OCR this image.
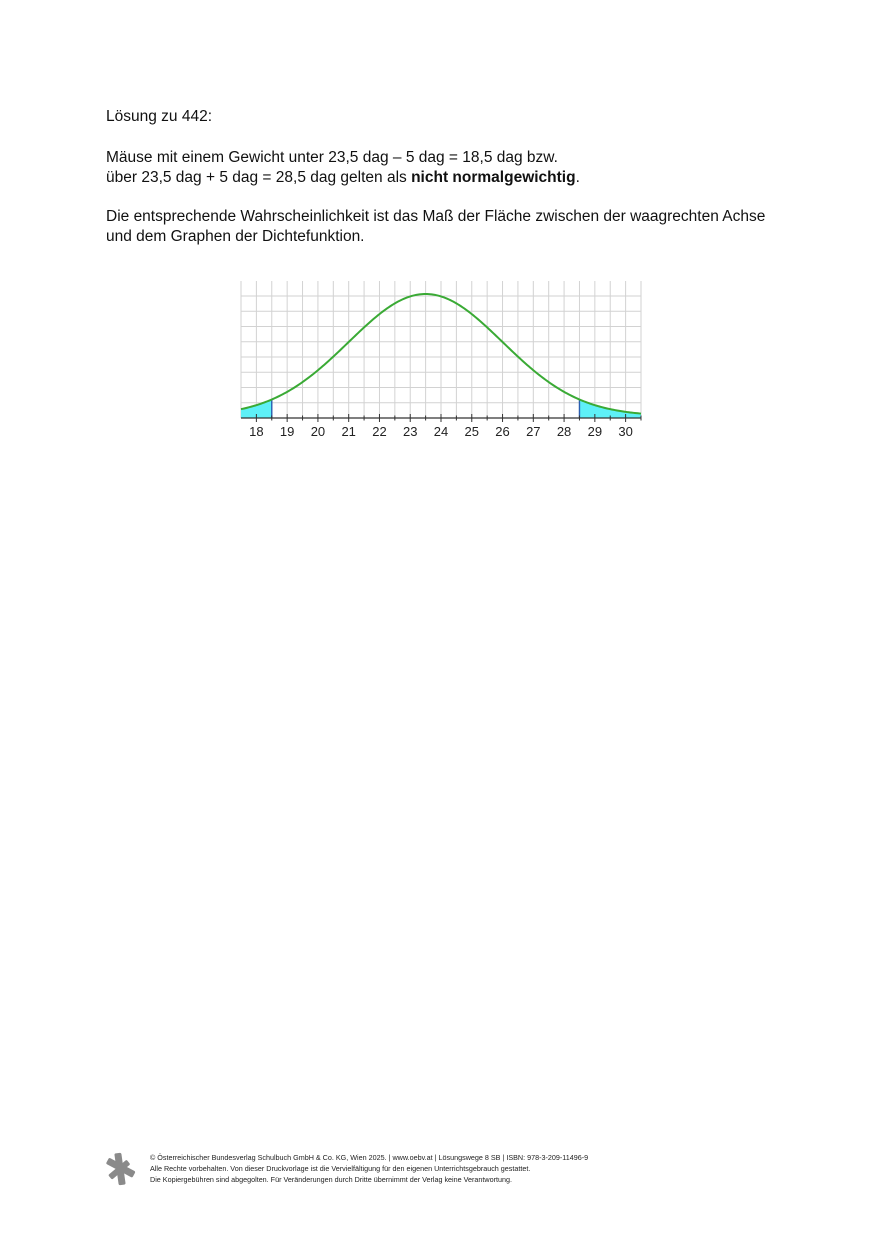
Lösung zu 442:

Mäuse mit einem Gewicht unter 23,5 dag – 5 dag = 18,5 dag bzw.
über 23,5 dag + 5 dag = 28,5 dag gelten als nicht normalgewichtig.

Die entsprechende Wahrscheinlichkeit ist das Maß der Fläche zwischen der waagrechten Achse und dem Graphen der Dichtefunktion.

18 19 20 21 22 23 24 25 26 27 28 29 30
© Österreichischer Bundesverlag Schulbuch GmbH & Co. KG, Wien 2025. | www.oebv.at | Lösungswege 8 SB | ISBN: 978-3-209-11496-9
Alle Rechte vorbehalten. Von dieser Druckvorlage ist die Vervielfältigung für den eigenen Unterrichtsgebrauch gestattet.
Die Kopiergebühren sind abgegolten. Für Veränderungen durch Dritte übernimmt der Verlag keine Verantwortung.
